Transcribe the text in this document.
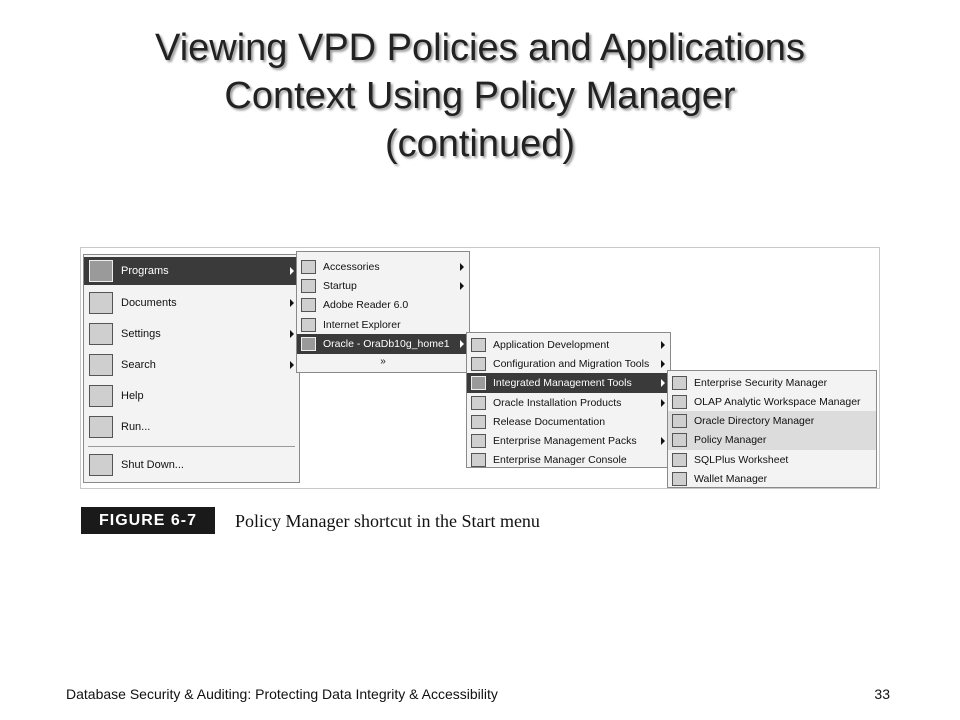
Viewing VPD Policies and Applications
Context Using Policy Manager
(continued)
Programs
Documents
Settings
Search
Help
Run...
Shut Down...
Accessories
Startup
Adobe Reader 6.0
Internet Explorer
Oracle - OraDb10g_home1
»
Application Development
Configuration and Migration Tools
Integrated Management Tools
Oracle Installation Products
Release Documentation
Enterprise Management Packs
Enterprise Manager Console
Enterprise Security Manager
OLAP Analytic Workspace Manager
Oracle Directory Manager
Policy Manager
SQLPlus Worksheet
Wallet Manager
FIGURE 6-7	Policy Manager shortcut in the Start menu
Database Security & Auditing: Protecting Data Integrity & Accessibility	33
